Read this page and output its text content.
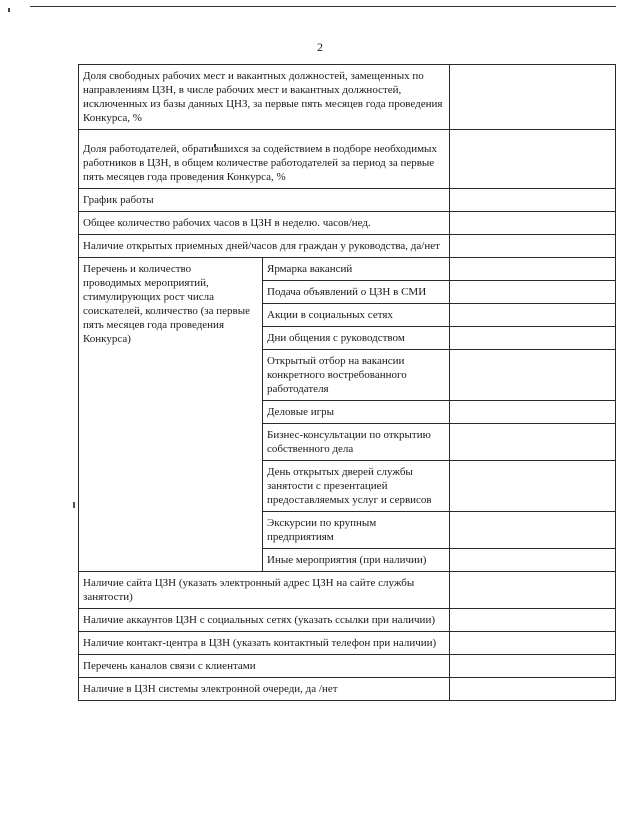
2
Доля свободных рабочих мест и вакантных должностей, замещенных по направлениям ЦЗН, в числе рабочих мест и вакантных должностей, исключенных из базы данных ЦНЗ, за первые пять месяцев года проведения Конкурса, %		
Доля работодателей, обратившихся за содействием в подборе необходимых работников в ЦЗН, в общем количестве работодателей за период за первые пять месяцев года проведения Конкурса, %		
График работы		
Общее количество рабочих часов в ЦЗН в неделю. часов/нед.		
Наличие открытых приемных дней/часов для граждан у руководства, да/нет		
Перечень и количество проводимых мероприятий, стимулирующих рост числа соискателей, количество (за первые пять месяцев года проведения Конкурса)	Ярмарка вакансий	
	Подача объявлений о ЦЗН в СМИ	
	Акции в социальных сетях	
	Дни общения с руководством	
	Открытый отбор на вакансии конкретного востребованного работодателя	
	Деловые игры	
	Бизнес-консультации по открытию собственного дела	
	День открытых дверей службы занятости с презентацией предоставляемых услуг и сервисов	
	Экскурсии по крупным предприятиям	
	Иные мероприятия (при наличии)	
Наличие сайта ЦЗН (указать электронный адрес ЦЗН на сайте службы занятости)		
Наличие аккаунтов ЦЗН с социальных сетях (указать ссылки при наличии)		
Наличие контакт-центра в ЦЗН (указать контактный телефон при наличии)		
Перечень каналов связи с клиентами		
Наличие в ЦЗН системы электронной очереди, да /нет		
